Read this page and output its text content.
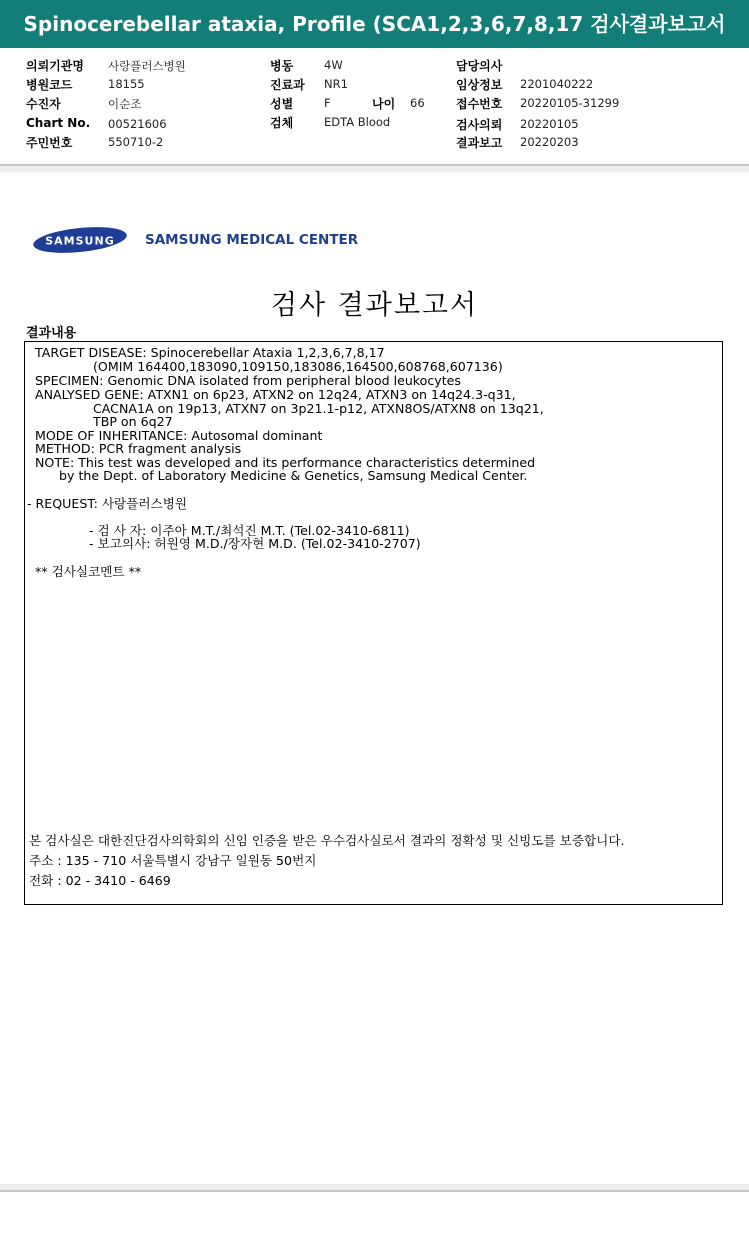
Spinocerebellar ataxia, Profile (SCA1,2,3,6,7,8,17 검사결과보고서
의뢰기관명 사랑플러스병원	병동	4W	담당의사
병원코드	18155	진료과 NR1	임상정보 2201040222
수진자	이순조	성별	F	나이 66	접수번호 20220105-31299
Chart No. 00521606	검체	EDTA Blood	검사의뢰 20220105
주민번호	550710-2	결과보고 20220203
SAMSUNG SAMSUNG MEDICAL CENTER
검사 결과보고서
결과내용
TARGET DISEASE: Spinocerebellar Ataxia 1,2,3,6,7,8,17
(OMIM 164400,183090,109150,183086,164500,608768,607136)
SPECIMEN: Genomic DNA isolated from peripheral blood leukocytes
ANALYSED GENE: ATXN1 on 6p23, ATXN2 on 12q24, ATXN3 on 14q24.3-q31,
CACNA1A on 19p13, ATXN7 on 3p21.1-p12, ATXN8OS/ATXN8 on 13q21,
TBP on 6q27
MODE OF INHERITANCE: Autosomal dominant
METHOD: PCR fragment analysis
NOTE: This test was developed and its performance characteristics determined
by the Dept. of Laboratory Medicine & Genetics, Samsung Medical Center.
- REQUEST: 사랑플러스병원
- 검 사 자: 이주아 M.T./최석진 M.T. (Tel.02-3410-6811)
- 보고의사: 허원영 M.D./장자현 M.D. (Tel.02-3410-2707)
** 검사실코멘트 **
본 검사실은 대한진단검사의학회의 신임 인증을 받은 우수검사실로서 결과의 정확성 및 신빙도를 보증합니다.
주소 : 135 - 710 서울특별시 강남구 일원동 50번지
전화 : 02 - 3410 - 6469
